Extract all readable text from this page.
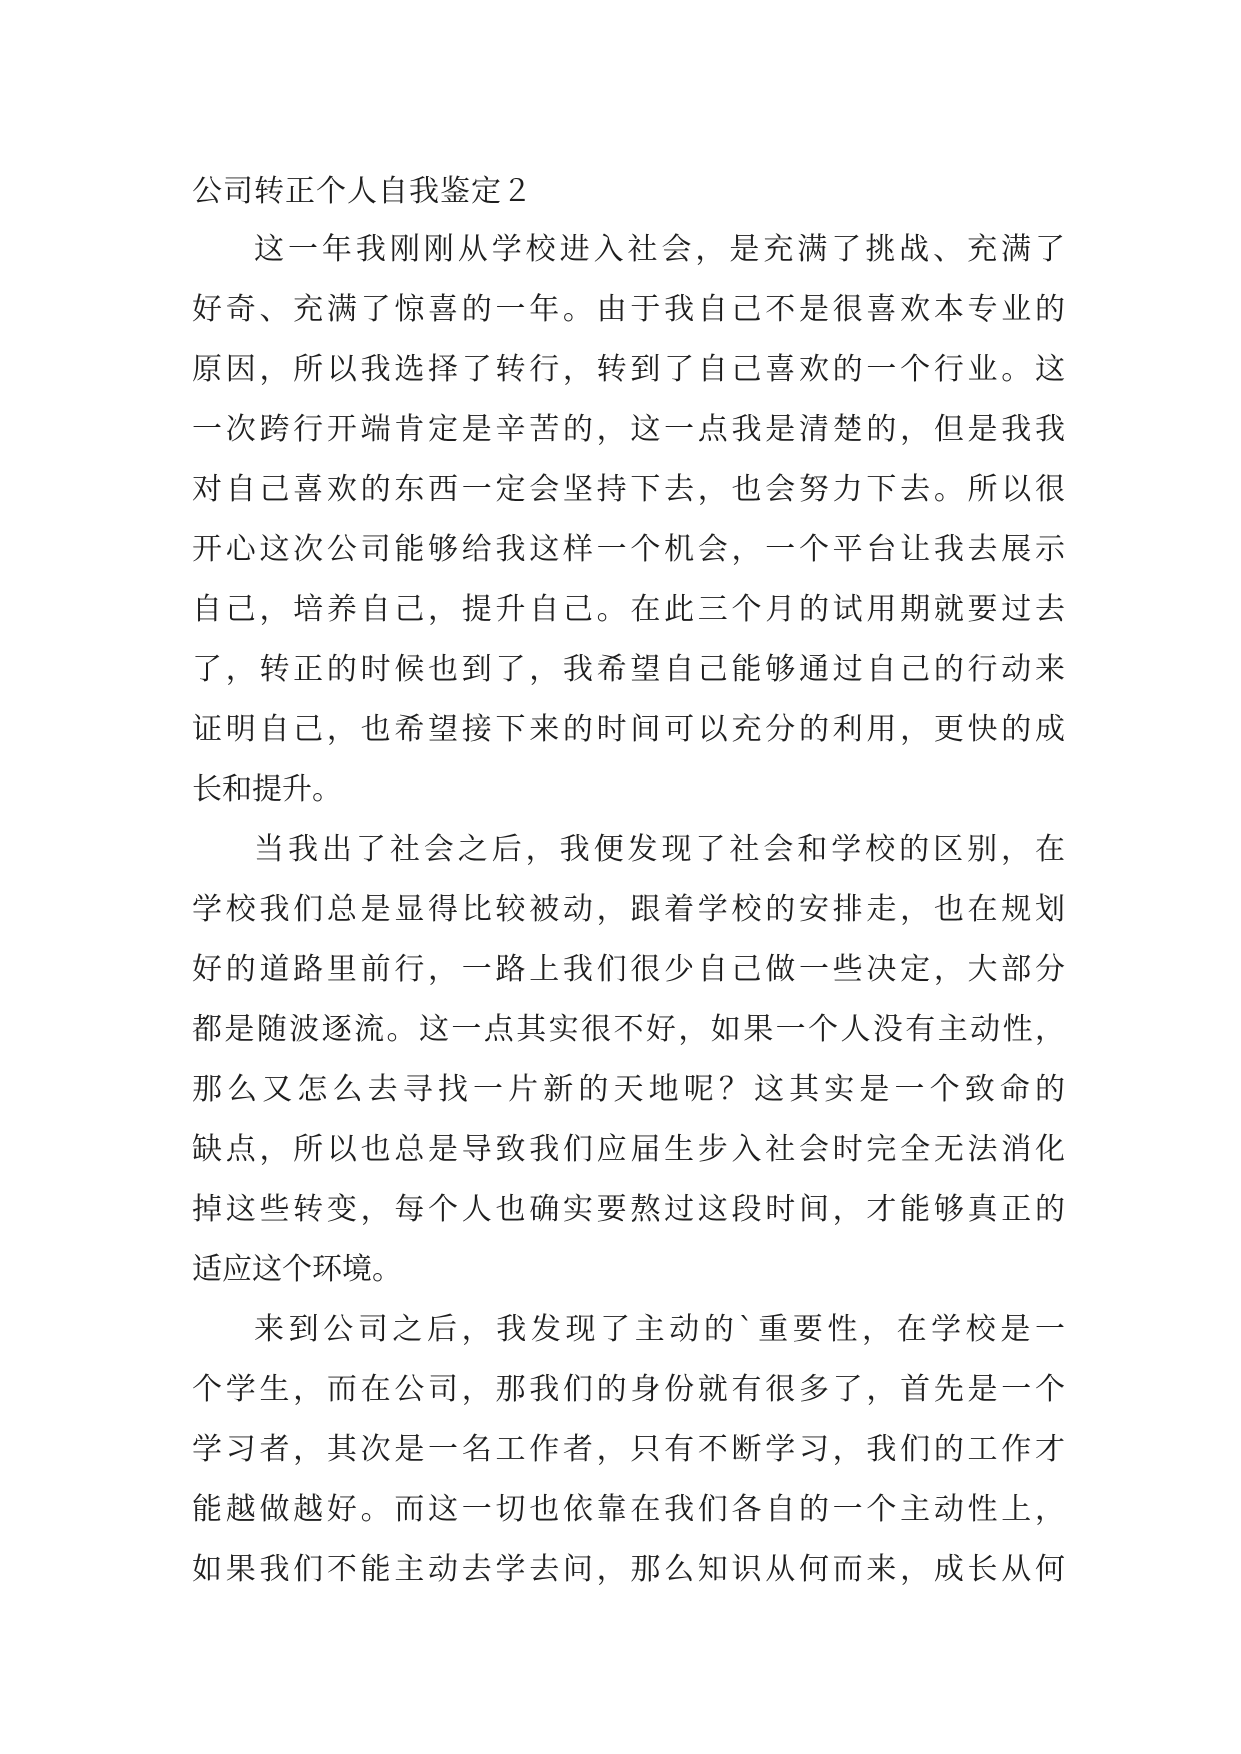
公司转正个人自我鉴定２
这一年我刚刚从学校进入社会，是充满了挑战、充满了
好奇、充满了惊喜的一年。由于我自己不是很喜欢本专业的
原因，所以我选择了转行，转到了自己喜欢的一个行业。这
一次跨行开端肯定是辛苦的，这一点我是清楚的，但是我我
对自己喜欢的东西一定会坚持下去，也会努力下去。所以很
开心这次公司能够给我这样一个机会，一个平台让我去展示
自己，培养自己，提升自己。在此三个月的试用期就要过去
了，转正的时候也到了，我希望自己能够通过自己的行动来
证明自己，也希望接下来的时间可以充分的利用，更快的成
长和提升。
当我出了社会之后，我便发现了社会和学校的区别，在
学校我们总是显得比较被动，跟着学校的安排走，也在规划
好的道路里前行，一路上我们很少自己做一些决定，大部分
都是随波逐流。这一点其实很不好，如果一个人没有主动性，
那么又怎么去寻找一片新的天地呢？这其实是一个致命的
缺点，所以也总是导致我们应届生步入社会时完全无法消化
掉这些转变，每个人也确实要熬过这段时间，才能够真正的
适应这个环境。
来到公司之后，我发现了主动的`重要性，在学校是一
个学生，而在公司，那我们的身份就有很多了，首先是一个
学习者，其次是一名工作者，只有不断学习，我们的工作才
能越做越好。而这一切也依靠在我们各自的一个主动性上，
如果我们不能主动去学去问，那么知识从何而来，成长从何
